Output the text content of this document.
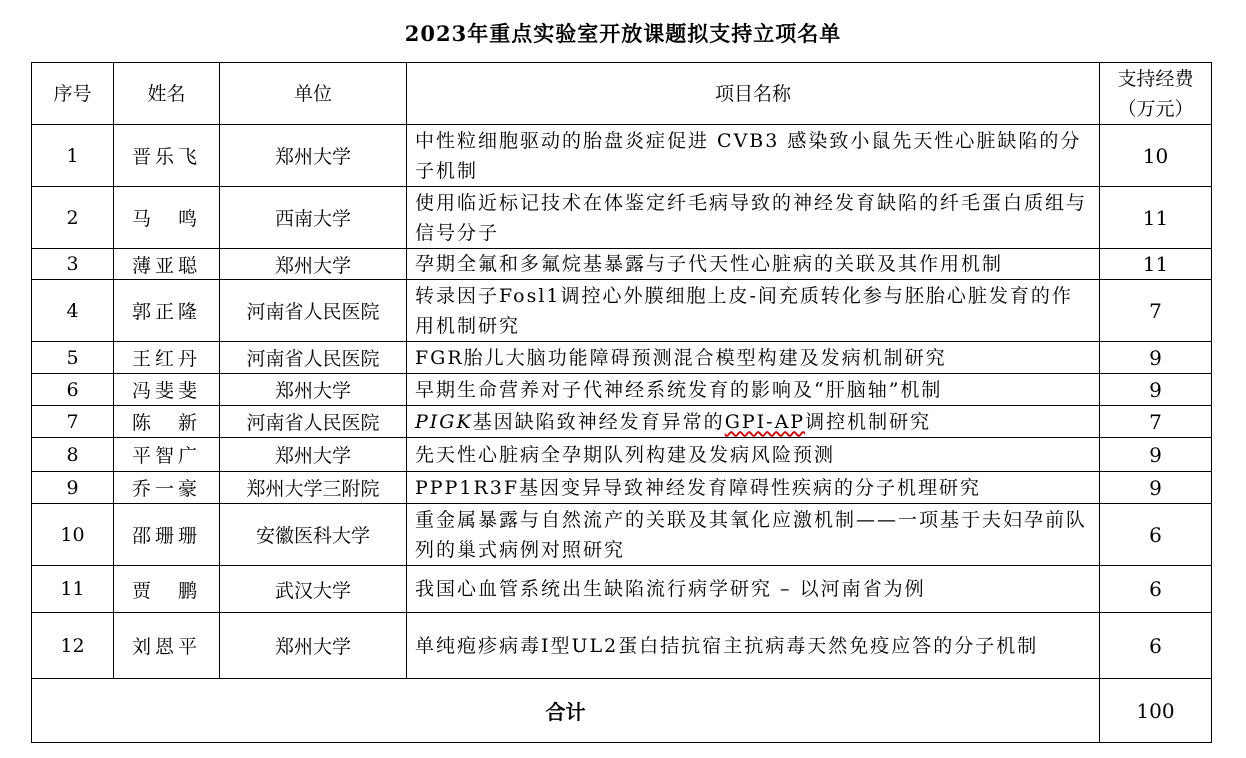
2023年重点实验室开放课题拟支持立项名单
序号	姓名	单位	项目名称	支持经费
（万元）

1	晋乐飞	郑州大学	中性粒细胞驱动的胎盘炎症促进 CVB3 感染致小鼠先天性心脏缺陷的分子机制	10
2	马　鸣	西南大学	使用临近标记技术在体鉴定纤毛病导致的神经发育缺陷的纤毛蛋白质组与信号分子	11
3	薄亚聪	郑州大学	孕期全氟和多氟烷基暴露与子代天性心脏病的关联及其作用机制	11
4	郭正隆	河南省人民医院	转录因子Fosl1调控心外膜细胞上皮-间充质转化参与胚胎心脏发育的作用机制研究	7
5	王红丹	河南省人民医院	FGR胎儿大脑功能障碍预测混合模型构建及发病机制研究	9
6	冯斐斐	郑州大学	早期生命营养对子代神经系统发育的影响及“肝脑轴”机制	9
7	陈　新	河南省人民医院	PIGK基因缺陷致神经发育异常的GPI-AP调控机制研究	7
8	平智广	郑州大学	先天性心脏病全孕期队列构建及发病风险预测	9
9	乔一豪	郑州大学三附院	PPP1R3F基因变异导致神经发育障碍性疾病的分子机理研究	9
10	邵珊珊	安徽医科大学	重金属暴露与自然流产的关联及其氧化应激机制——一项基于夫妇孕前队列的巢式病例对照研究	6
11	贾　鹏	武汉大学	我国心血管系统出生缺陷流行病学研究 – 以河南省为例	6
12	刘恩平	郑州大学	单纯疱疹病毒I型UL2蛋白拮抗宿主抗病毒天然免疫应答的分子机制	6
合计				100
